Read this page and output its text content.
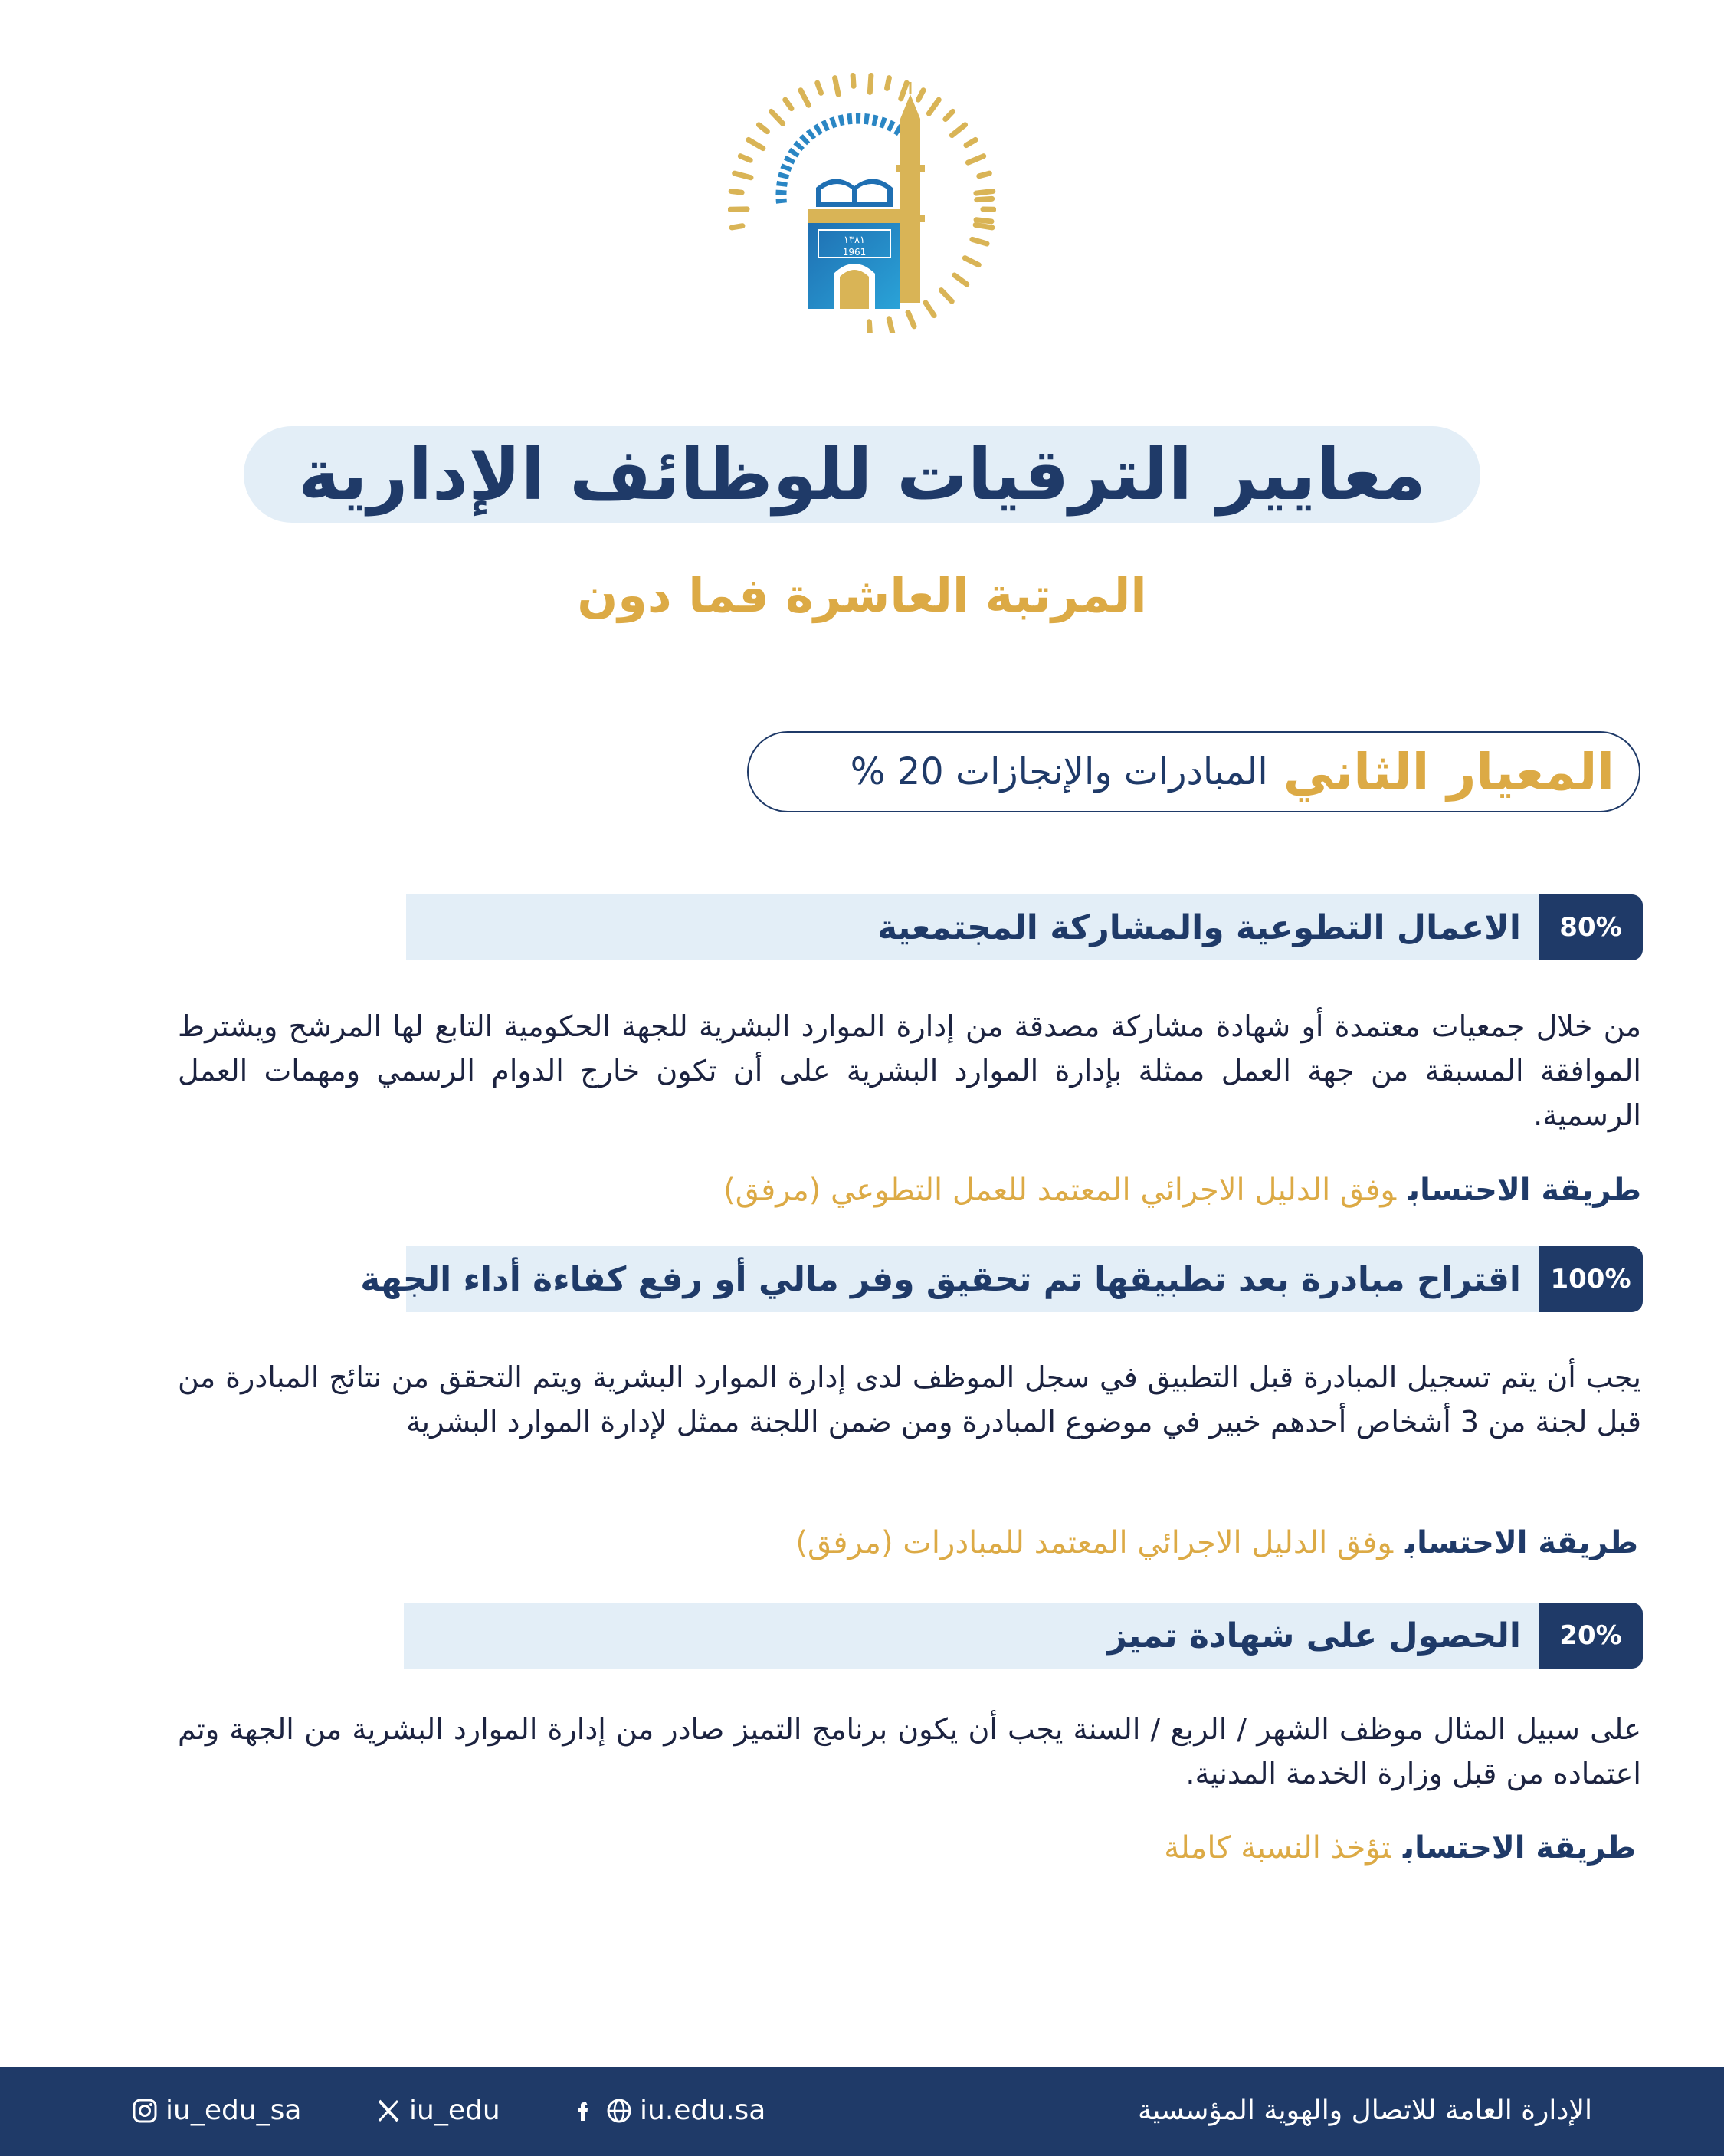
١٣٨١
1961
معايير الترقيات للوظائف الإدارية
المرتبة العاشرة فما دون
المعيار الثاني
المبادرات والإنجازات 20 %
80%
الاعمال التطوعية والمشاركة المجتمعية
من خلال جمعيات معتمدة أو شهادة مشاركة مصدقة من إدارة الموارد البشرية للجهة الحكومية التابع لها المرشح ويشترط الموافقة المسبقة من جهة العمل ممثلة بإدارة الموارد البشرية على أن تكون خارج الدوام الرسمي ومهمات العمل الرسمية.
طريقة الاحتسابوفق الدليل الاجرائي المعتمد للعمل التطوعي (مرفق)
100%
اقتراح مبادرة بعد تطبيقها تم تحقيق وفر مالي أو رفع كفاءة أداء الجهة
يجب أن يتم تسجيل المبادرة قبل التطبيق في سجل الموظف لدى إدارة الموارد البشرية ويتم التحقق من نتائج المبادرة من قبل لجنة من 3 أشخاص أحدهم خبير في موضوع المبادرة ومن ضمن اللجنة ممثل لإدارة الموارد البشرية
طريقة الاحتسابوفق الدليل الاجرائي المعتمد للمبادرات (مرفق)
20%
الحصول على شهادة تميز
على سبيل المثال موظف الشهر / الربع / السنة يجب أن يكون برنامج التميز صادر من إدارة الموارد البشرية من الجهة وتم اعتماده من قبل وزارة الخدمة المدنية.
طريقة الاحتسابتؤخذ النسبة كاملة
الإدارة العامة للاتصال والهوية المؤسسية
iu.edu.sa
iu_edu
iu_edu_sa
